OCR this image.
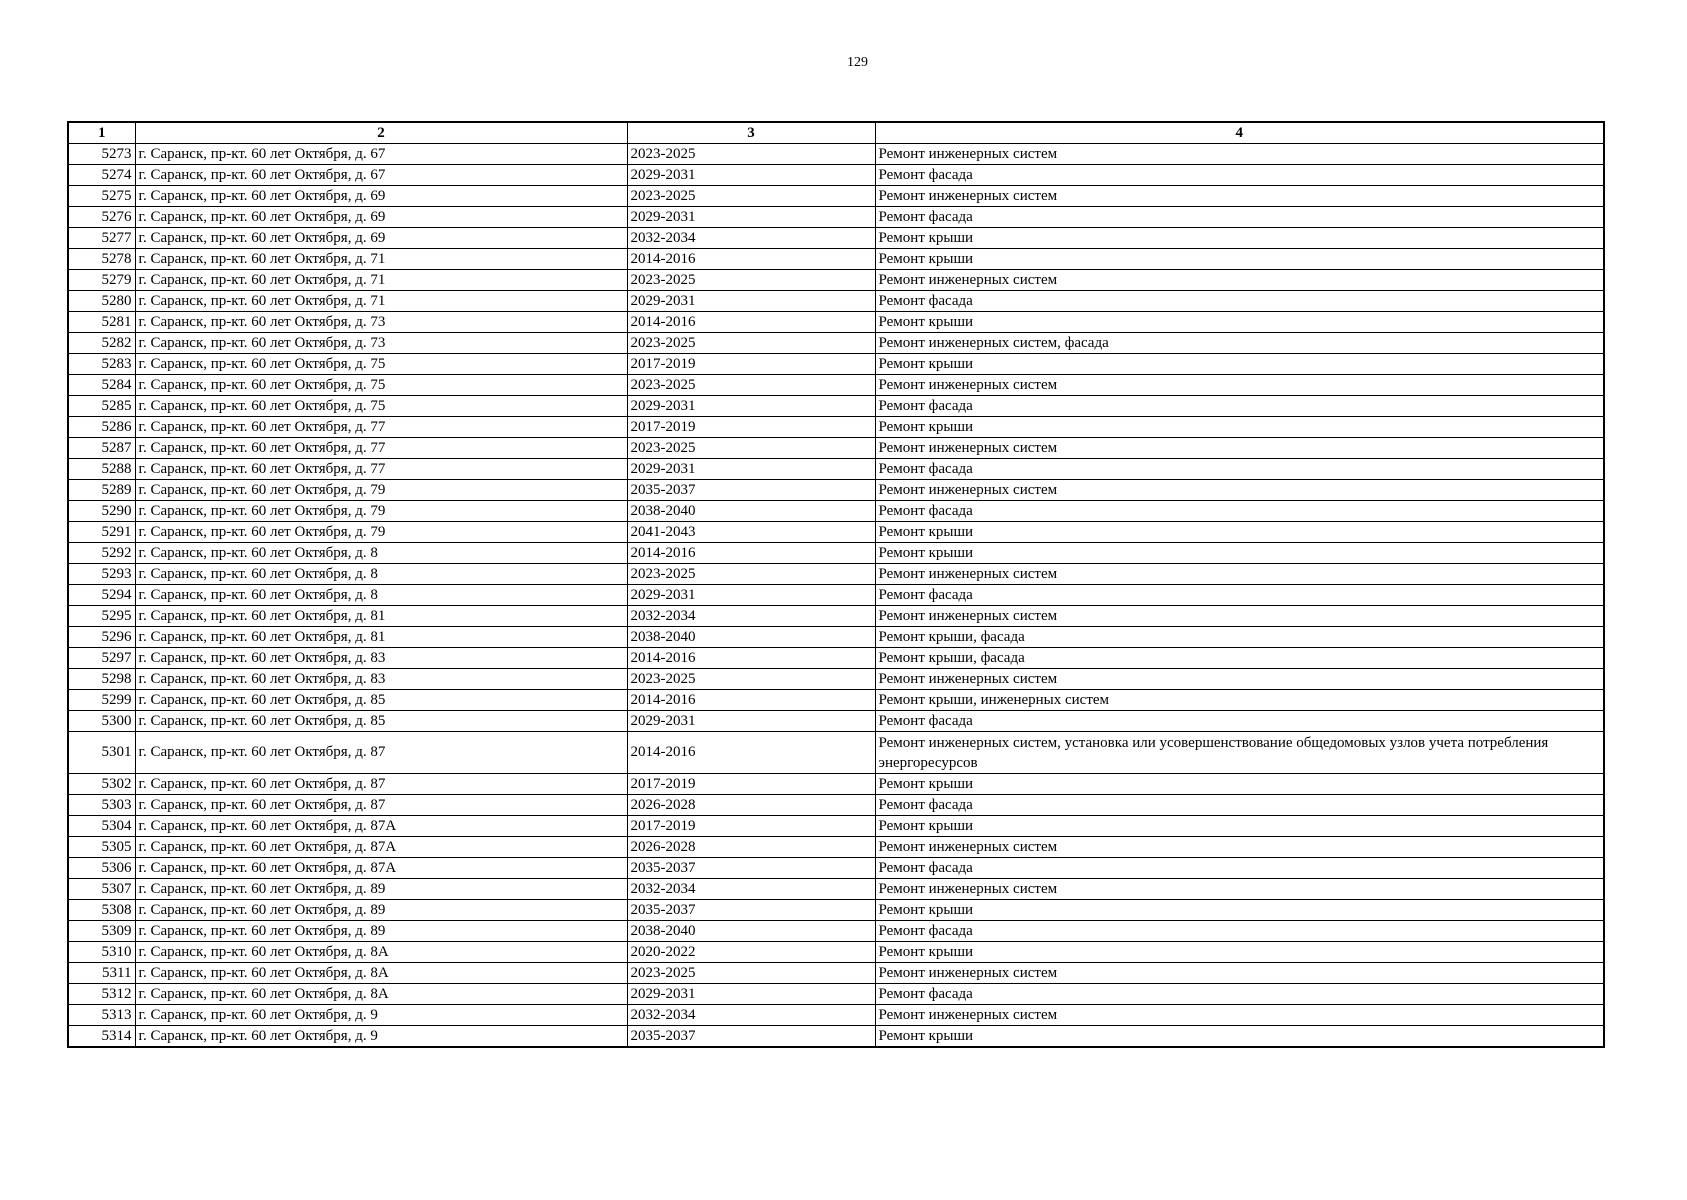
129
1	2	3	4
5273	г. Саранск, пр-кт. 60 лет Октября, д. 67	2023-2025	Ремонт инженерных систем
5274	г. Саранск, пр-кт. 60 лет Октября, д. 67	2029-2031	Ремонт фасада
5275	г. Саранск, пр-кт. 60 лет Октября, д. 69	2023-2025	Ремонт инженерных систем
5276	г. Саранск, пр-кт. 60 лет Октября, д. 69	2029-2031	Ремонт фасада
5277	г. Саранск, пр-кт. 60 лет Октября, д. 69	2032-2034	Ремонт крыши
5278	г. Саранск, пр-кт. 60 лет Октября, д. 71	2014-2016	Ремонт крыши
5279	г. Саранск, пр-кт. 60 лет Октября, д. 71	2023-2025	Ремонт инженерных систем
5280	г. Саранск, пр-кт. 60 лет Октября, д. 71	2029-2031	Ремонт фасада
5281	г. Саранск, пр-кт. 60 лет Октября, д. 73	2014-2016	Ремонт крыши
5282	г. Саранск, пр-кт. 60 лет Октября, д. 73	2023-2025	Ремонт инженерных систем, фасада
5283	г. Саранск, пр-кт. 60 лет Октября, д. 75	2017-2019	Ремонт крыши
5284	г. Саранск, пр-кт. 60 лет Октября, д. 75	2023-2025	Ремонт инженерных систем
5285	г. Саранск, пр-кт. 60 лет Октября, д. 75	2029-2031	Ремонт фасада
5286	г. Саранск, пр-кт. 60 лет Октября, д. 77	2017-2019	Ремонт крыши
5287	г. Саранск, пр-кт. 60 лет Октября, д. 77	2023-2025	Ремонт инженерных систем
5288	г. Саранск, пр-кт. 60 лет Октября, д. 77	2029-2031	Ремонт фасада
5289	г. Саранск, пр-кт. 60 лет Октября, д. 79	2035-2037	Ремонт инженерных систем
5290	г. Саранск, пр-кт. 60 лет Октября, д. 79	2038-2040	Ремонт фасада
5291	г. Саранск, пр-кт. 60 лет Октября, д. 79	2041-2043	Ремонт крыши
5292	г. Саранск, пр-кт. 60 лет Октября, д. 8	2014-2016	Ремонт крыши
5293	г. Саранск, пр-кт. 60 лет Октября, д. 8	2023-2025	Ремонт инженерных систем
5294	г. Саранск, пр-кт. 60 лет Октября, д. 8	2029-2031	Ремонт фасада
5295	г. Саранск, пр-кт. 60 лет Октября, д. 81	2032-2034	Ремонт инженерных систем
5296	г. Саранск, пр-кт. 60 лет Октября, д. 81	2038-2040	Ремонт крыши, фасада
5297	г. Саранск, пр-кт. 60 лет Октября, д. 83	2014-2016	Ремонт крыши, фасада
5298	г. Саранск, пр-кт. 60 лет Октября, д. 83	2023-2025	Ремонт инженерных систем
5299	г. Саранск, пр-кт. 60 лет Октября, д. 85	2014-2016	Ремонт крыши, инженерных систем
5300	г. Саранск, пр-кт. 60 лет Октября, д. 85	2029-2031	Ремонт фасада
5301	г. Саранск, пр-кт. 60 лет Октября, д. 87	2014-2016	Ремонт инженерных систем, установка или усовершенствование общедомовых узлов учета потребления энергоресурсов
5302	г. Саранск, пр-кт. 60 лет Октября, д. 87	2017-2019	Ремонт крыши
5303	г. Саранск, пр-кт. 60 лет Октября, д. 87	2026-2028	Ремонт фасада
5304	г. Саранск, пр-кт. 60 лет Октября, д. 87А	2017-2019	Ремонт крыши
5305	г. Саранск, пр-кт. 60 лет Октября, д. 87А	2026-2028	Ремонт инженерных систем
5306	г. Саранск, пр-кт. 60 лет Октября, д. 87А	2035-2037	Ремонт фасада
5307	г. Саранск, пр-кт. 60 лет Октября, д. 89	2032-2034	Ремонт инженерных систем
5308	г. Саранск, пр-кт. 60 лет Октября, д. 89	2035-2037	Ремонт крыши
5309	г. Саранск, пр-кт. 60 лет Октября, д. 89	2038-2040	Ремонт фасада
5310	г. Саранск, пр-кт. 60 лет Октября, д. 8А	2020-2022	Ремонт крыши
5311	г. Саранск, пр-кт. 60 лет Октября, д. 8А	2023-2025	Ремонт инженерных систем
5312	г. Саранск, пр-кт. 60 лет Октября, д. 8А	2029-2031	Ремонт фасада
5313	г. Саранск, пр-кт. 60 лет Октября, д. 9	2032-2034	Ремонт инженерных систем
5314	г. Саранск, пр-кт. 60 лет Октября, д. 9	2035-2037	Ремонт крыши
